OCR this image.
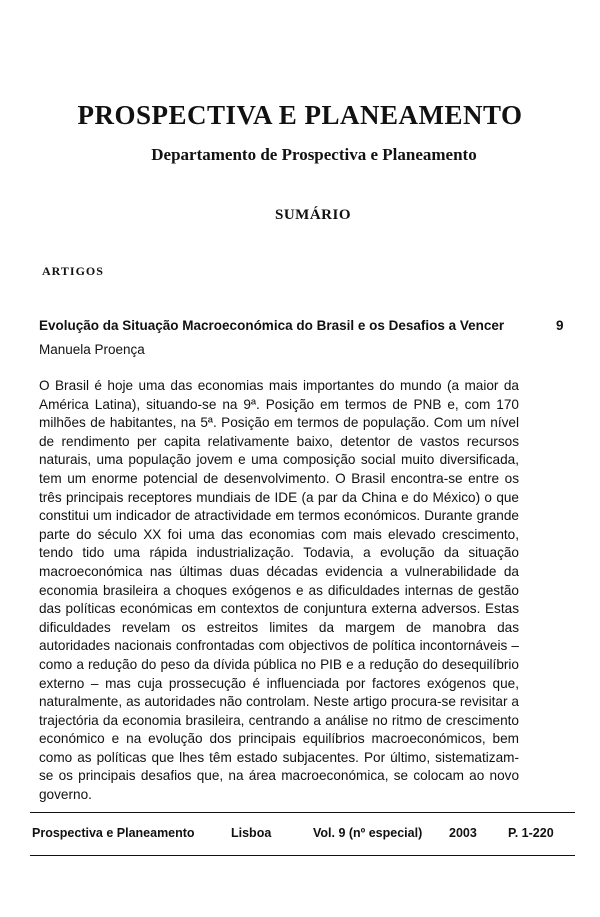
PROSPECTIVA E PLANEAMENTO
Departamento de Prospectiva e Planeamento
SUMÁRIO
ARTIGOS
Evolução da Situação Macroeconómica do Brasil e os Desafios a Vencer	9
Manuela Proença

O Brasil é hoje uma das economias mais importantes do mundo (a maior da América Latina), situando-se na 9ª. Posição em termos de PNB e, com 170 milhões de habitantes, na 5ª. Posição em termos de população. Com um nível de rendimento per capita relativamente baixo, detentor de vastos recursos naturais, uma população jovem e uma composição social muito diversificada, tem um enorme potencial de desenvolvimento. O Brasil encontra-se entre os três principais receptores mundiais de IDE (a par da China e do México) o que constitui um indicador de atractividade em termos económicos. Durante grande parte do século XX foi uma das economias com mais elevado crescimento, tendo tido uma rápida industrialização. Todavia, a evolução da situação macroeconómica nas últimas duas décadas evidencia a vulnerabilidade da economia brasileira a choques exógenos e as dificuldades internas de gestão das políticas económicas em contextos de conjuntura externa adversos. Estas dificuldades revelam os estreitos limites da margem de manobra das autoridades nacionais confrontadas com objectivos de política incontornáveis – como a redução do peso da dívida pública no PIB e a redução do desequilíbrio externo – mas cuja prossecução é influenciada por factores exógenos que, naturalmente, as autoridades não controlam. Neste artigo procura-se revisitar a trajectória da economia brasileira, centrando a análise no ritmo de crescimento económico e na evolução dos principais equilíbrios macroeconómicos, bem como as políticas que lhes têm estado subjacentes. Por último, sistematizam-se os principais desafios que, na área macroeconómica, se colocam ao novo governo.

Prospectiva e Planeamento	Lisboa	Vol. 9 (nº especial) 2003 P. 1-220
